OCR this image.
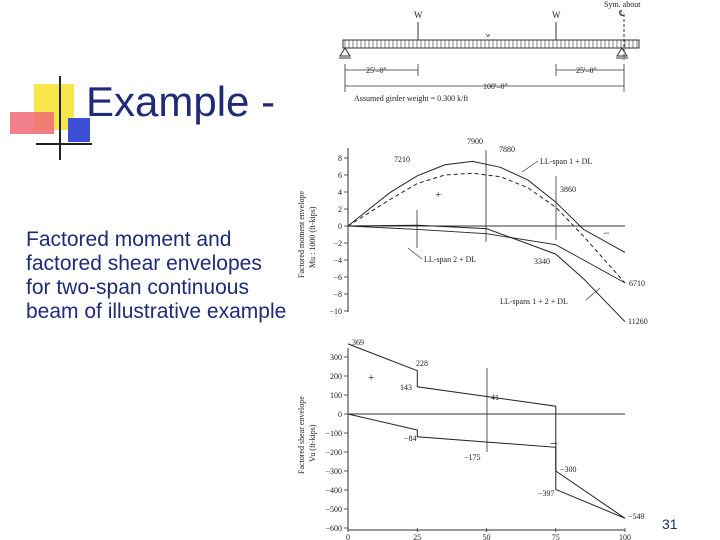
Example -
Factored moment and factored shear envelopes for two-span continuous beam of illustrative example
31
W	W
w
Sym. about
℄
25'–0"	25'–0"
100'–0"
Assumed girder weight = 0.300 k/ft
8
6
4
2
0
−2
−4
−6
−8
−10
Factored moment envelope Mu : 1000 (ft-kips)
7900
7880
7210
3860
3340
6710
11260
+
−
LL-span 1 + DL
LL-span 2 + DL
LL-spans 1 + 2 + DL
300
200
100
0
−100
−200
−300
−400
−500
−600
0	25	50	75	100
Factored shear envelope Vu (ft-kips)
369
228
143
41
−84
−175
−300
−397
−549
+
−
